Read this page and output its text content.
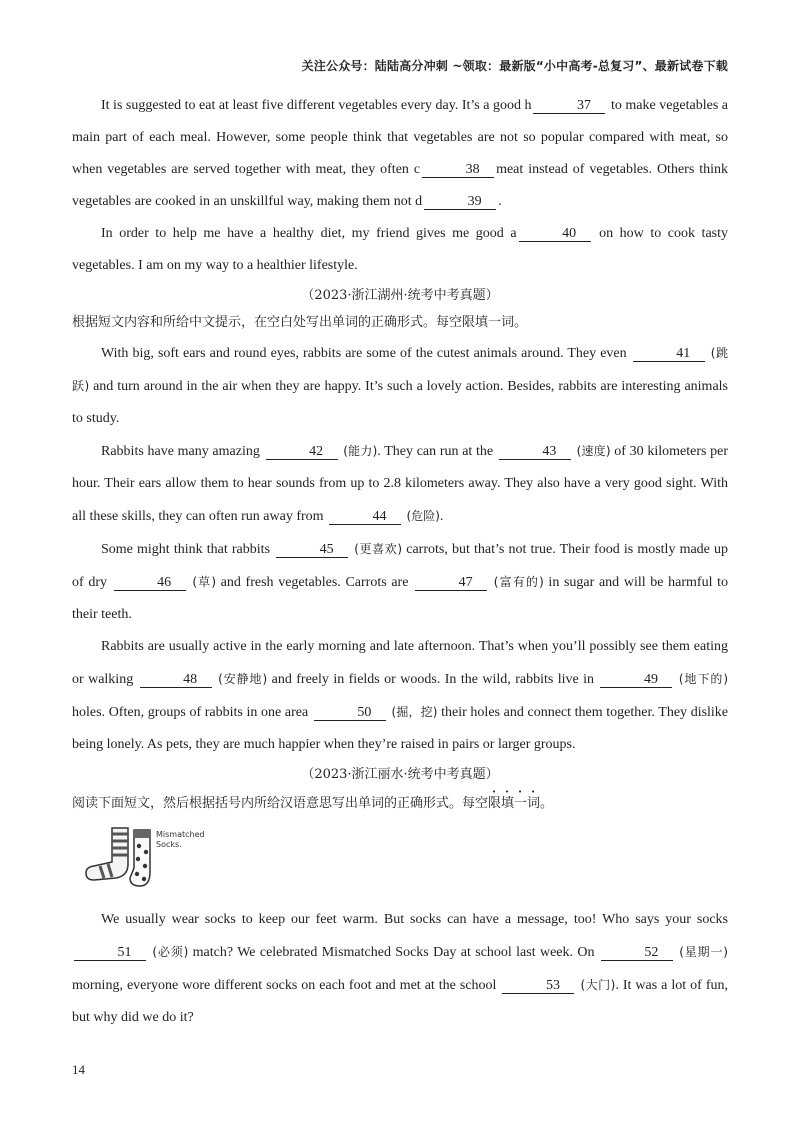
关注公众号：陆陆高分冲刺 ~领取：最新版“小中高考-总复习”、最新试卷下载

It is suggested to eat at least five different vegetables every day. It’s a good h	37 to make vegetables a main part of each meal. However, some people think that vegetables are not so popular compared with meat, so when vegetables are served together with meat, they often c	38 meat instead of vegetables. Others think vegetables are cooked in an unskillful way, making them not d	39 .

In order to help me have a healthy diet, my friend gives me good a	40 on how to cook tasty vegetables. I am on my way to a healthier lifestyle.

（2023·浙江湖州·统考中考真题）

根据短文内容和所给中文提示，在空白处写出单词的正确形式。每空限填一词。

With big, soft ears and round eyes, rabbits are some of the cutest animals around. They even	41 (跳跃) and turn around in the air when they are happy. It’s such a lovely action. Besides, rabbits are interesting animals to study.

Rabbits have many amazing	42 (能力). They can run at the	43 (速度) of 30 kilometers per hour. Their ears allow them to hear sounds from up to 2.8 kilometers away. They also have a very good sight. With all these skills, they can often run away from	44 (危险).

Some might think that rabbits	45 (更喜欢) carrots, but that’s not true. Their food is mostly made up of dry	46 (草) and fresh vegetables. Carrots are	47 (富有的) in sugar and will be harmful to their teeth.

Rabbits are usually active in the early morning and late afternoon. That’s when you’ll possibly see them eating or walking	48 (安静地) and freely in fields or woods. In the wild, rabbits live in	49 (地下的) holes. Often, groups of rabbits in one area	50 (掘，挖) their holes and connect them together. They dislike being lonely. As pets, they are much happier when they’re raised in pairs or larger groups.

（2023·浙江丽水·统考中考真题）

阅读下面短文，然后根据括号内所给汉语意思写出单词的正确形式。每空限填一词。

Mismatched Socks.

We usually wear socks to keep our feet warm. But socks can have a message, too! Who says your socks 51 (必须) match? We celebrated Mismatched Socks Day at school last week. On	52 (星期一) morning, everyone wore different socks on each foot and met at the school	53 (大门). It was a lot of fun, but why did we do it?

14
